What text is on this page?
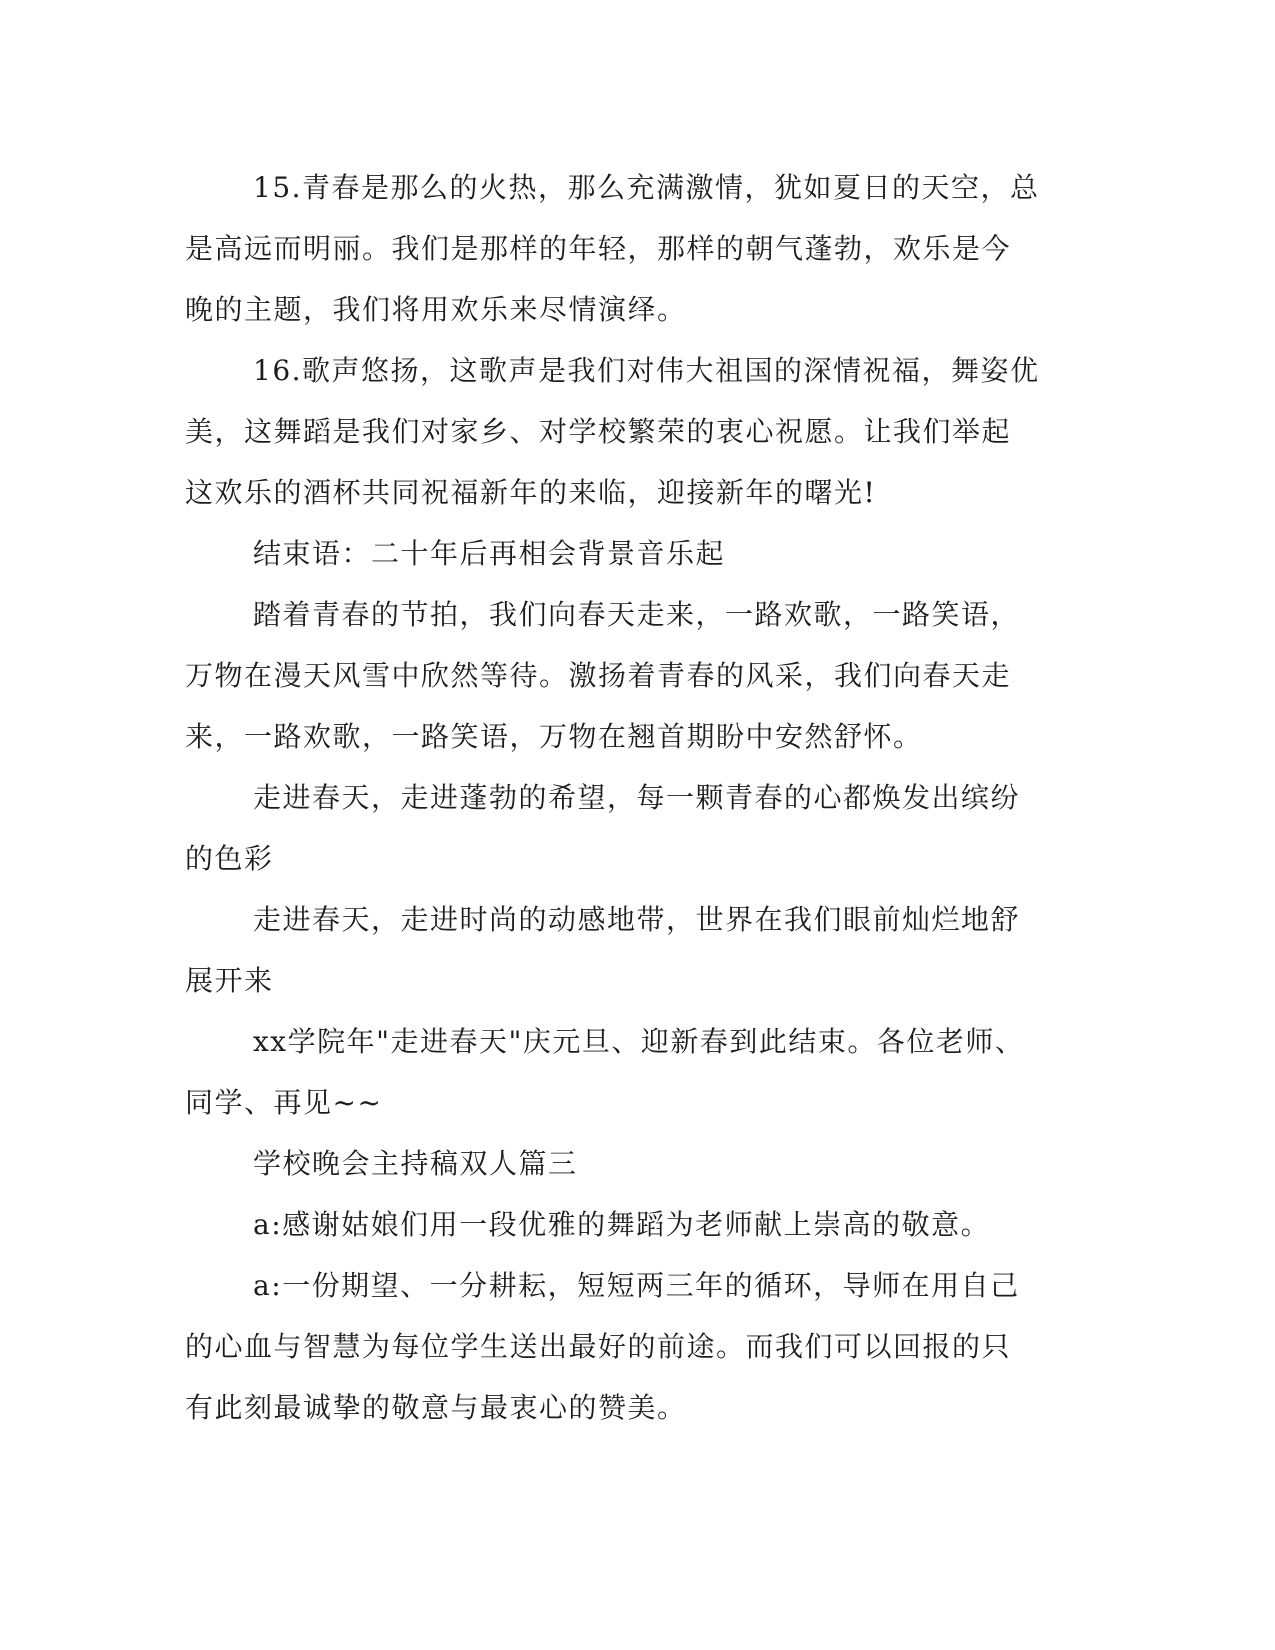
15.青春是那么的火热，那么充满激情，犹如夏日的天空，总是高远而明丽。我们是那样的年轻，那样的朝气蓬勃，欢乐是今晚的主题，我们将用欢乐来尽情演绎。

16.歌声悠扬，这歌声是我们对伟大祖国的深情祝福，舞姿优美，这舞蹈是我们对家乡、对学校繁荣的衷心祝愿。让我们举起这欢乐的酒杯共同祝福新年的来临，迎接新年的曙光!

结束语：二十年后再相会背景音乐起

踏着青春的节拍，我们向春天走来，一路欢歌，一路笑语，万物在漫天风雪中欣然等待。激扬着青春的风采，我们向春天走来，一路欢歌，一路笑语，万物在翘首期盼中安然舒怀。

走进春天，走进蓬勃的希望，每一颗青春的心都焕发出缤纷的色彩

走进春天，走进时尚的动感地带，世界在我们眼前灿烂地舒展开来

xx学院年"走进春天"庆元旦、迎新春到此结束。各位老师、同学、再见~~

学校晚会主持稿双人篇三

a:感谢姑娘们用一段优雅的舞蹈为老师献上崇高的敬意。

a:一份期望、一分耕耘，短短两三年的循环，导师在用自己的心血与智慧为每位学生送出最好的前途。而我们可以回报的只有此刻最诚挚的敬意与最衷心的赞美。
